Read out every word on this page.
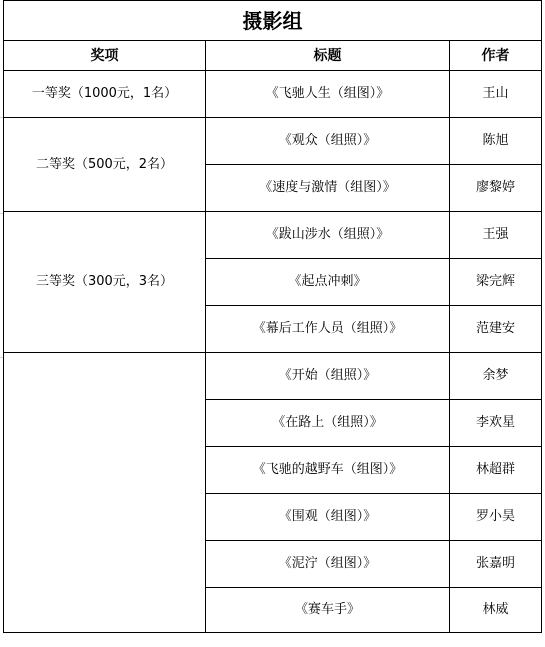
摄影组		
奖项	标题	作者
一等奖（1000元，1名）	《飞驰人生（组图）》	王山
二等奖（500元，2名）	《观众（组照）》	陈旭
	《速度与激情（组图）》	廖黎婷
三等奖（300元，3名）	《跋山涉水（组照）》	王强
	《起点冲刺》	梁完辉
	《幕后工作人员（组照）》	范建安
	《开始（组照）》	余梦
	《在路上（组照）》	李欢星
	《飞驰的越野车（组图）》	林超群
	《围观（组图）》	罗小昊
	《泥泞（组图）》	张嘉明
	《赛车手》	林威
